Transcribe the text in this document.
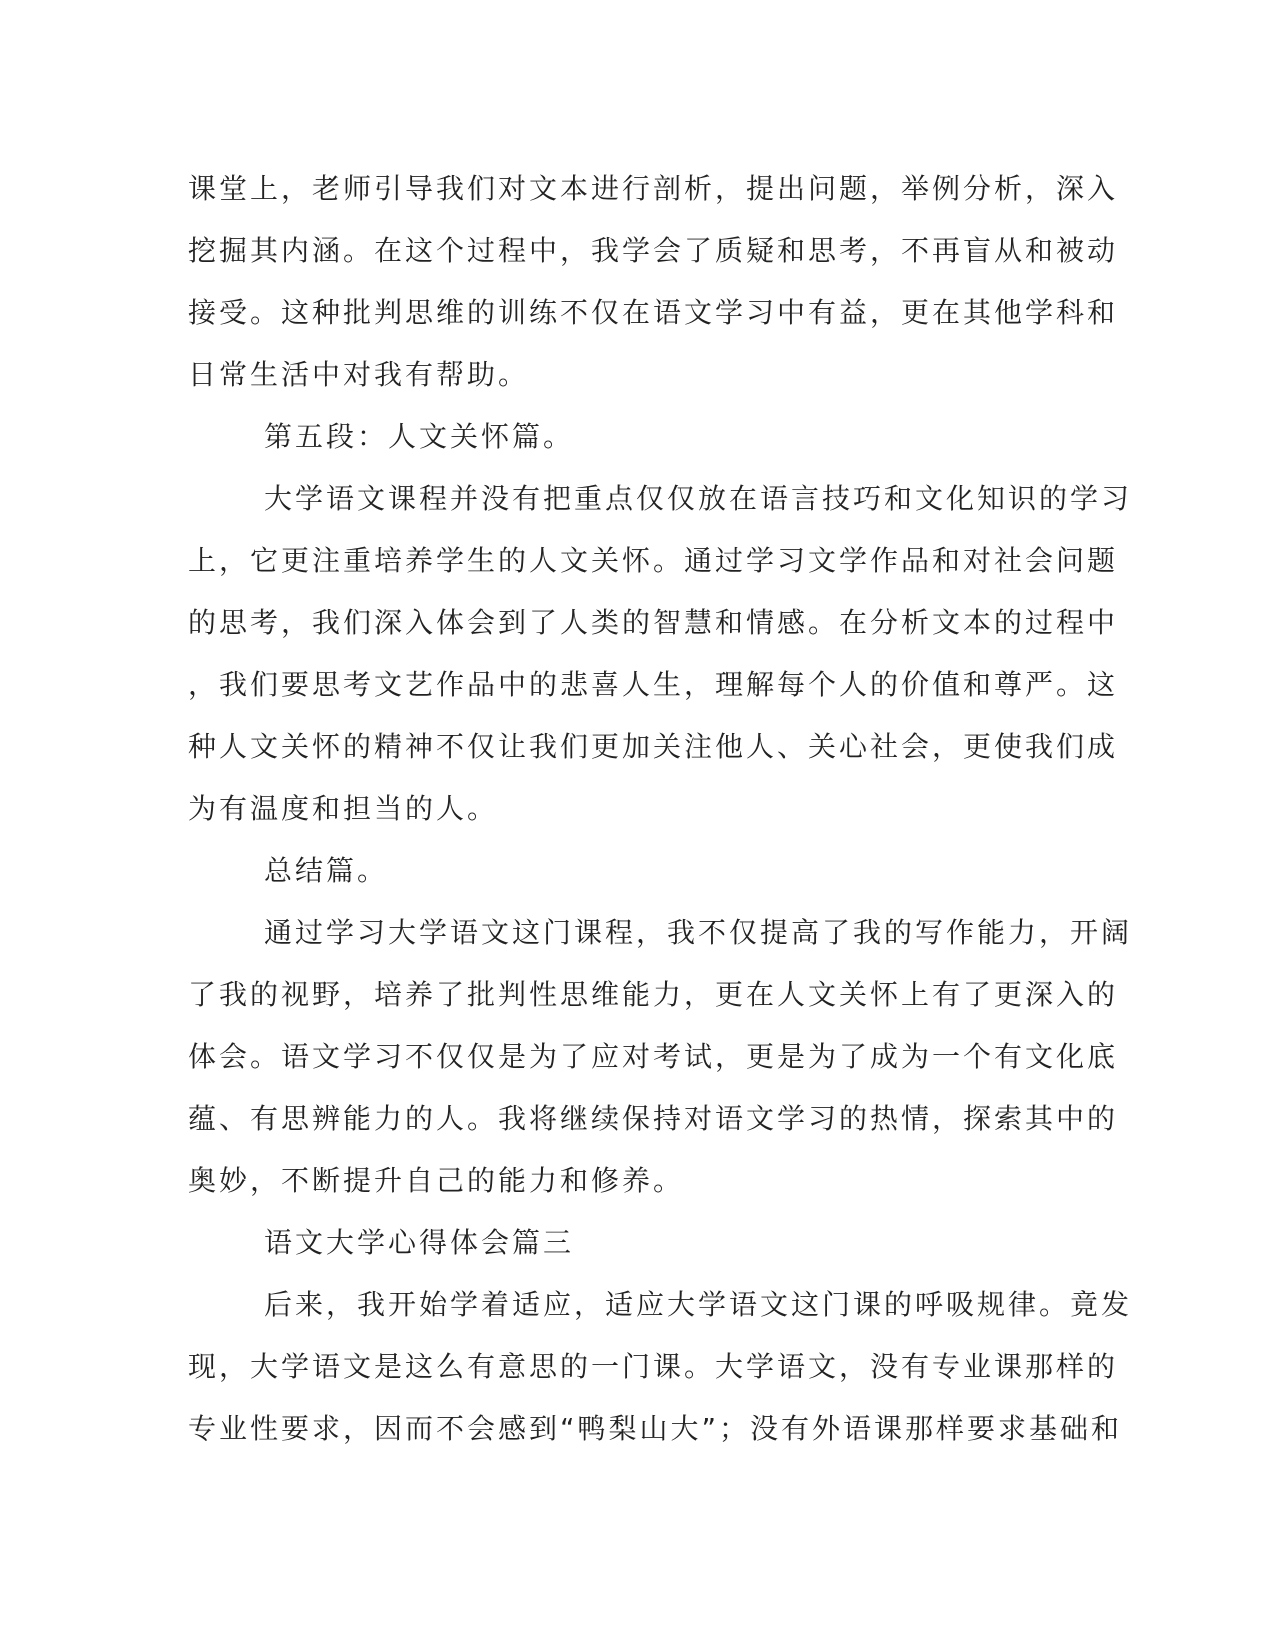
课堂上，老师引导我们对文本进行剖析，提出问题，举例分析，深入
挖掘其内涵。在这个过程中，我学会了质疑和思考，不再盲从和被动
接受。这种批判思维的训练不仅在语文学习中有益，更在其他学科和
日常生活中对我有帮助。
第五段：人文关怀篇。
大学语文课程并没有把重点仅仅放在语言技巧和文化知识的学习
上，它更注重培养学生的人文关怀。通过学习文学作品和对社会问题
的思考，我们深入体会到了人类的智慧和情感。在分析文本的过程中
，我们要思考文艺作品中的悲喜人生，理解每个人的价值和尊严。这
种人文关怀的精神不仅让我们更加关注他人、关心社会，更使我们成
为有温度和担当的人。
总结篇。
通过学习大学语文这门课程，我不仅提高了我的写作能力，开阔
了我的视野，培养了批判性思维能力，更在人文关怀上有了更深入的
体会。语文学习不仅仅是为了应对考试，更是为了成为一个有文化底
蕴、有思辨能力的人。我将继续保持对语文学习的热情，探索其中的
奥妙，不断提升自己的能力和修养。
语文大学心得体会篇三
后来，我开始学着适应，适应大学语文这门课的呼吸规律。竟发
现，大学语文是这么有意思的一门课。大学语文，没有专业课那样的
专业性要求，因而不会感到“鸭梨山大”；没有外语课那样要求基础和
